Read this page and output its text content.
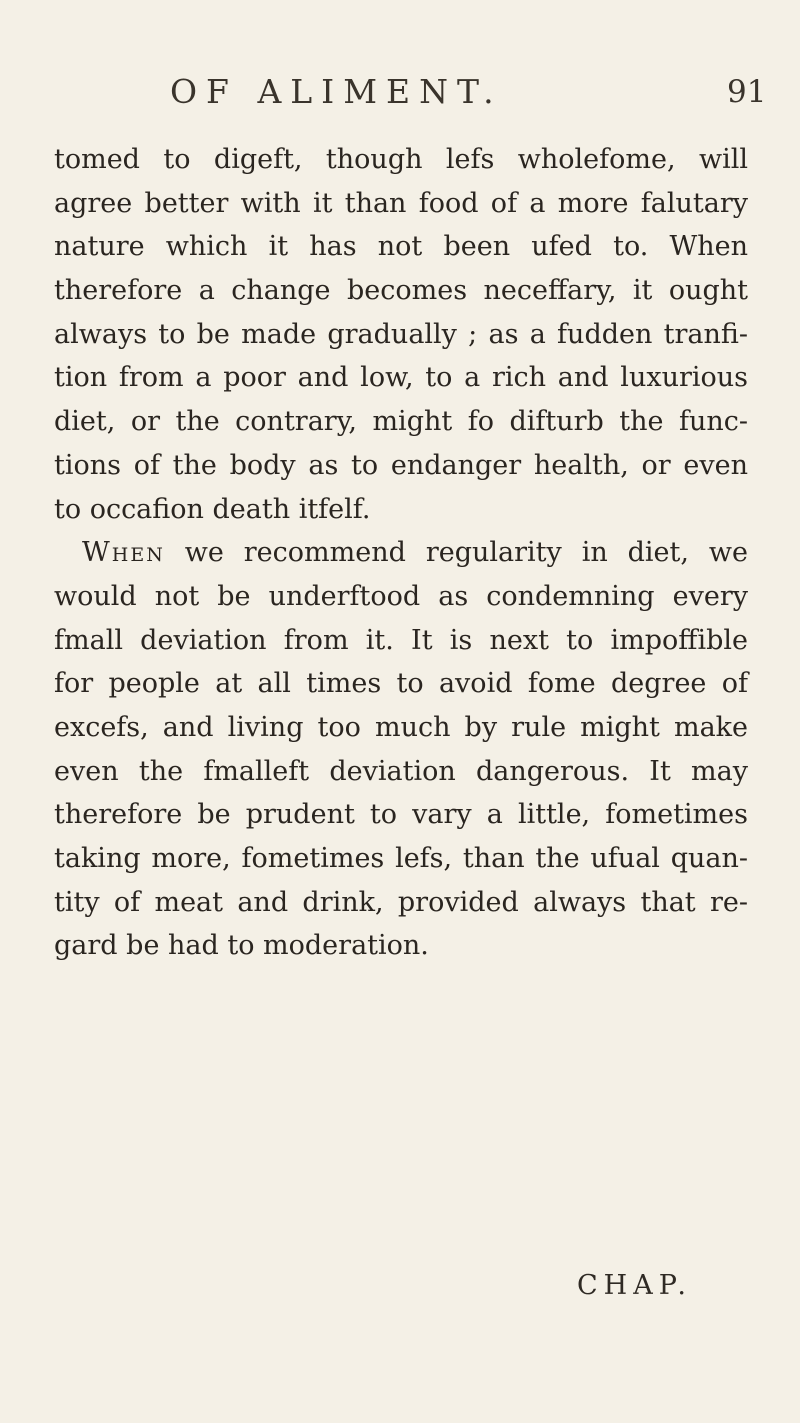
OF ALIMENT.	91
tomed to digeft, though lefs wholefome, will
agree better with it than food of a more falutary
nature which it has not been ufed to. When
therefore a change becomes neceffary, it ought
always to be made gradually ; as a fudden tranfi-
tion from a poor and low, to a rich and luxurious
diet, or the contrary, might fo difturb the func-
tions of the body as to endanger health, or even
to occafion death itfelf.
When we recommend regularity in diet, we
would not be underftood as condemning every
fmall deviation from it. It is next to impoffible
for people at all times to avoid fome degree of
excefs, and living too much by rule might make
even the fmalleft deviation dangerous. It may
therefore be prudent to vary a little, fometimes
taking more, fometimes lefs, than the ufual quan-
tity of meat and drink, provided always that re-
gard be had to moderation.
CHAP.
